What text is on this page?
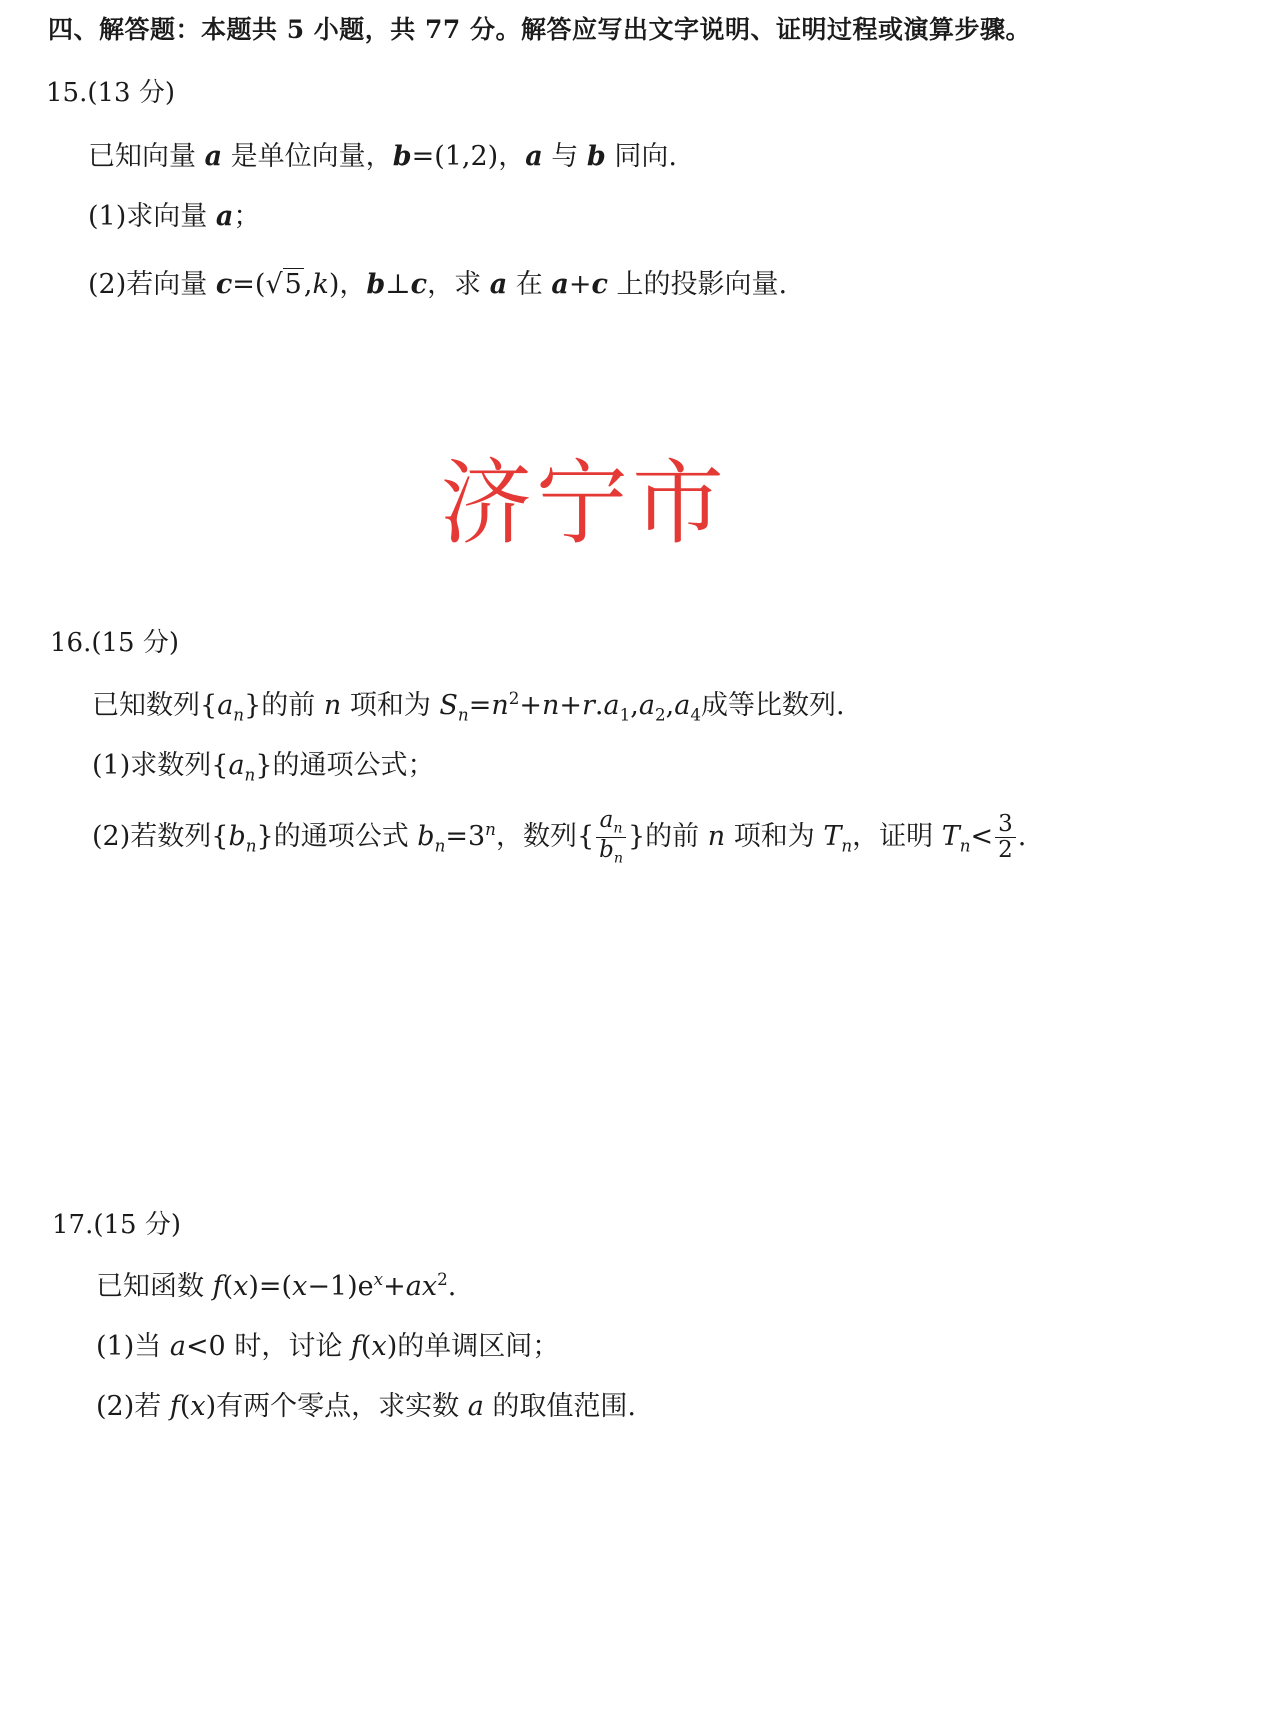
四、解答题：本题共 5 小题，共 77 分。解答应写出文字说明、证明过程或演算步骤。
15.(13 分)
已知向量 a 是单位向量，b=(1,2)，a 与 b 同向.
(1)求向量 a；
(2)若向量 c=(√5,k)，b⊥c，求 a 在 a+c 上的投影向量.
济宁市
16.(15 分)
已知数列$\{a_n\}$的前 n 项和为 $S_n=n^2+n+r.a_1,a_2,a_4$成等比数列.
(1)求数列$\{a_n\}$的通项公式；
(2)若数列$\{b_n\}$的通项公式 $b_n=3^n$，数列{ $\frac{a_n}{b_n}$ }的前 n 项和为 $T_n$，证明 $T_n< \frac{3}{2}$ .
17.(15 分)
已知函数 $f(x)=(x-1)e^x+ax^2$.
(1)当 a<0 时，讨论 f(x)的单调区间；
(2)若 f(x)有两个零点，求实数 a 的取值范围.
